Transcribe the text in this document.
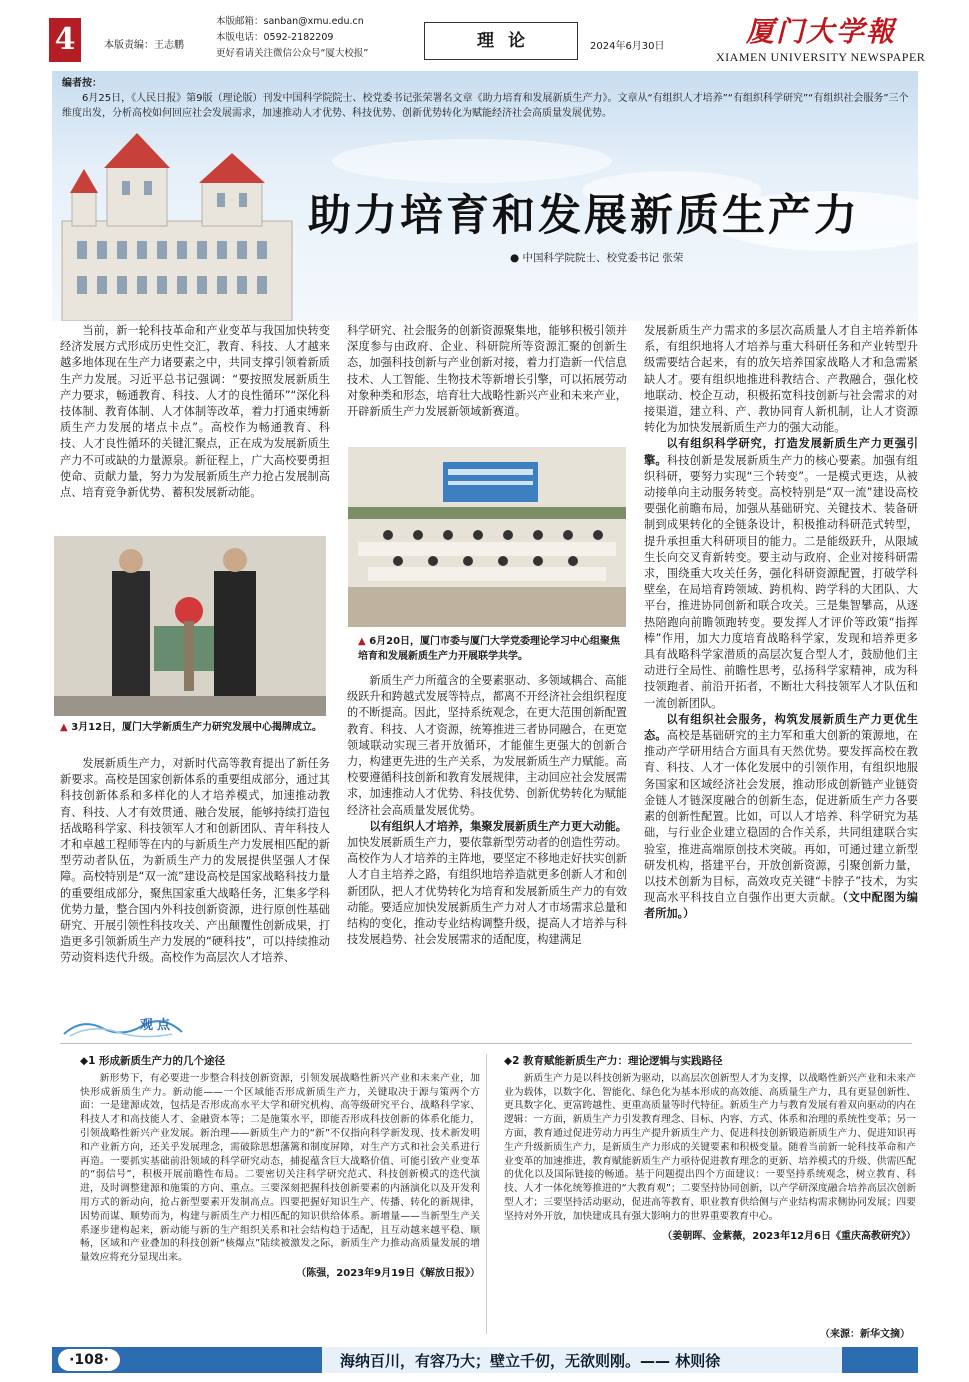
4	本版责编：王志鹏
本版邮箱：sanban@xmu.edu.cn
本版电话：0592-2182209
更好看请关注微信公众号“厦大校报”
理论	2024年6月30日	厦门大学報
XIAMEN UNIVERSITY NEWSPAPER
编者按：
6月25日，《人民日报》第9版（理论版）刊发中国科学院院士、校党委书记张荣署名文章《助力培育和发展新质生产力》。文章从“有组织人才培养”“有组织科学研究”“有组织社会服务”三个维度出发，分析高校如何回应社会发展需求，加速推动人才优势、科技优势、创新优势转化为赋能经济社会高质量发展优势。
助力培育和发展新质生产力
● 中国科学院院士、校党委书记 张荣

当前，新一轮科技革命和产业变革与我国加快转变经济发展方式形成历史性交汇，教育、科技、人才越来越多地体现在生产力诸要素之中，共同支撑引领着新质生产力发展。习近平总书记强调：“要按照发展新质生产力要求，畅通教育、科技、人才的良性循环”“深化科技体制、教育体制、人才体制等改革，着力打通束缚新质生产力发展的堵点卡点”。高校作为畅通教育、科技、人才良性循环的关键汇聚点，正在成为发展新质生产力不可或缺的力量源泉。新征程上，广大高校要勇担使命、贡献力量，努力为发展新质生产力抢占发展制高点、培育竞争新优势、蓄积发展新动能。

▲ 3月12日，厦门大学新质生产力研究发展中心揭牌成立。

发展新质生产力，对新时代高等教育提出了新任务新要求。高校是国家创新体系的重要组成部分，通过其科技创新体系和多样化的人才培养模式，加速推动教育、科技、人才有效贯通、融合发展，能够持续打造包括战略科学家、科技领军人才和创新团队、青年科技人才和卓越工程师等在内的与新质生产力发展相匹配的新型劳动者队伍，为新质生产力的发展提供坚强人才保障。高校特别是“双一流”建设高校是国家战略科技力量的重要组成部分，聚焦国家重大战略任务，汇集多学科优势力量，整合国内外科技创新资源，进行原创性基础研究、开展引领性科技攻关、产出颠覆性创新成果，打造更多引领新质生产力发展的“硬科技”，可以持续推动劳动资料迭代升级。高校作为高层次人才培养、

科学研究、社会服务的创新资源聚集地，能够积极引领并深度参与由政府、企业、科研院所等资源汇聚的创新生态，加强科技创新与产业创新对接，着力打造新一代信息技术、人工智能、生物技术等新增长引擎，可以拓展劳动对象种类和形态，培育壮大战略性新兴产业和未来产业，开辟新质生产力发展新领域新赛道。

▲ 6月20日，厦门市委与厦门大学党委理论学习中心组聚焦培育和发展新质生产力开展联学共学。

新质生产力所蕴含的全要素驱动、多领域耦合、高能级跃升和跨越式发展等特点，都离不开经济社会组织程度的不断提高。因此，坚持系统观念，在更大范围创新配置教育、科技、人才资源，统筹推进三者协同融合，在更宽领域联动实现三者开放循环，才能催生更强大的创新合力，构建更先进的生产关系，为发展新质生产力赋能。高校要遵循科技创新和教育发展规律，主动回应社会发展需求，加速推动人才优势、科技优势、创新优势转化为赋能经济社会高质量发展优势。

以有组织人才培养，集聚发展新质生产力更大动能。加快发展新质生产力，要依靠新型劳动者的创造性劳动。高校作为人才培养的主阵地，要坚定不移地走好扶实创新人才自主培养之路，有组织地培养造就更多创新人才和创新团队，把人才优势转化为培育和发展新质生产力的有效动能。要适应加快发展新质生产力对人才市场需求总量和结构的变化，推动专业结构调整升级，提高人才培养与科技发展趋势、社会发展需求的适配度，构建满足

发展新质生产力需求的多层次高质量人才自主培养新体系，有组织地将人才培养与重大科研任务和产业转型升级需要结合起来，有的放矢培养国家战略人才和急需紧缺人才。要有组织地推进科教结合、产教融合，强化校地联动、校企互动，积极拓宽科技创新与社会需求的对接渠道，建立科、产、教协同育人新机制，让人才资源转化为加快发展新质生产力的强大动能。

以有组织科学研究，打造发展新质生产力更强引擎。科技创新是发展新质生产力的核心要素。加强有组织科研，要努力实现“三个转变”。一是模式更迭，从被动接单向主动服务转变。高校特别是“双一流”建设高校要强化前瞻布局，加强从基础研究、关键技术、装备研制到成果转化的全链条设计，积极推动科研范式转型，提升承担重大科研项目的能力。二是能级跃升，从限域生长向交叉育新转变。要主动与政府、企业对接科研需求，围绕重大攻关任务，强化科研资源配置，打破学科壁垒，在局培育跨领域、跨机构、跨学科的大团队、大平台，推进协同创新和联合攻关。三是集智攀高，从逐热陪跑向前瞻领跑转变。要发挥人才评价等政策“指挥棒”作用，加大力度培育战略科学家，发现和培养更多具有战略科学家潜质的高层次复合型人才，鼓励他们主动进行全局性、前瞻性思考，弘扬科学家精神，成为科技领跑者、前沿开拓者，不断壮大科技领军人才队伍和一流创新团队。

以有组织社会服务，构筑发展新质生产力更优生态。高校是基础研究的主力军和重大创新的策源地，在推动产学研用结合方面具有天然优势。要发挥高校在教育、科技、人才一体化发展中的引领作用，有组织地服务国家和区域经济社会发展，推动形成创新链产业链资金链人才链深度融合的创新生态，促进新质生产力各要素的创新性配置。比如，可以人才培养、科学研究为基础，与行业企业建立稳固的合作关系，共同组建联合实验室，推进高端原创技术突破。再如，可通过建立新型研发机构，搭建平台，开放创新资源，引聚创新力量，以技术创新为目标，高效攻克关键“卡脖子”技术，为实现高水平科技自立自强作出更大贡献。（文中配图为编者所加。）

观点

◆1 形成新质生产力的几个途径

新形势下，有必要进一步整合科技创新资源，引领发展战略性新兴产业和未来产业，加快形成新质生产力。新动能——一个区域能否形成新质生产力，关键取决于源与策两个方面：一是建源成效，包括是否形成高水平大学和研究机构、高等级研究平台、战略科学家、科技人才和高技能人才、金融资本等；二是施策水平，即能否形成科技创新的体系化能力，引领战略性新兴产业发展。新治理——新质生产力的“新”不仅指向科学新发现、技术新发明和产业新方向，还关乎发展理念，需破除思想藩篱和制度屏障，对生产方式和社会关系进行再造。一要抓实基础前沿领域的科学研究动态，捕捉蕴含巨大战略价值、可能引致产业变革的“弱信号”，积极开展前瞻性布局。二要密切关注科学研究范式、科技创新模式的迭代演进，及时调整建源和施策的方向、重点。三要深刻把握科技创新要素的内涵演化以及开发利用方式的新动向，抢占新型要素开发制高点。四要把握好知识生产、传播、转化的新规律，因势而谋、顺势而为，构建与新质生产力相匹配的知识供给体系。新增量——当新型生产关系逐步建构起来，新动能与新的生产组织关系和社会结构趋于适配，且互动越来越平稳、顺畅，区域和产业叠加的科技创新“核爆点”陆续被激发之际，新质生产力推动高质量发展的增量效应将充分显现出来。

（陈强，2023年9月19日《解放日报》）

◆2 教育赋能新质生产力：理论逻辑与实践路径

新质生产力是以科技创新为驱动，以高层次创新型人才为支撑，以战略性新兴产业和未来产业为载体，以数字化、智能化、绿色化为基本形成的高效能、高质量生产力，具有更显创新性、更具数字化、更富跨越性、更重高质量等时代特征。新质生产力与教育发展有着双向驱动的内在逻辑：一方面，新质生产力引发教育理念、目标、内容、方式、体系和治理的系统性变革；另一方面，教育通过促进劳动力再生产提升新质生产力、促进科技创新锻造新质生产力、促进知识再生产升级新质生产力，是新质生产力形成的关键要素和积极变量。随着当前新一轮科技革命和产业变革的加速推进，教育赋能新质生产力亟待促进教育理念的更新、培养模式的升级、供需匹配的优化以及国际链接的畅通。基于问题提出四个方面建议：一要坚持系统观念，树立教育、科技、人才一体化统筹推进的“大教育观”；二要坚持协同创新，以产学研深度融合培养高层次创新型人才；三要坚持活动驱动，促进高等教育、职业教育供给侧与产业结构需求侧协同发展；四要坚持对外开放，加快建成具有强大影响力的世界重要教育中心。

（姜朝晖、金紫薇，2023年12月6日《重庆高教研究》）
（来源：新华文摘）
·108·	海纳百川，有容乃大；壁立千仞，无欲则刚。—— 林则徐
